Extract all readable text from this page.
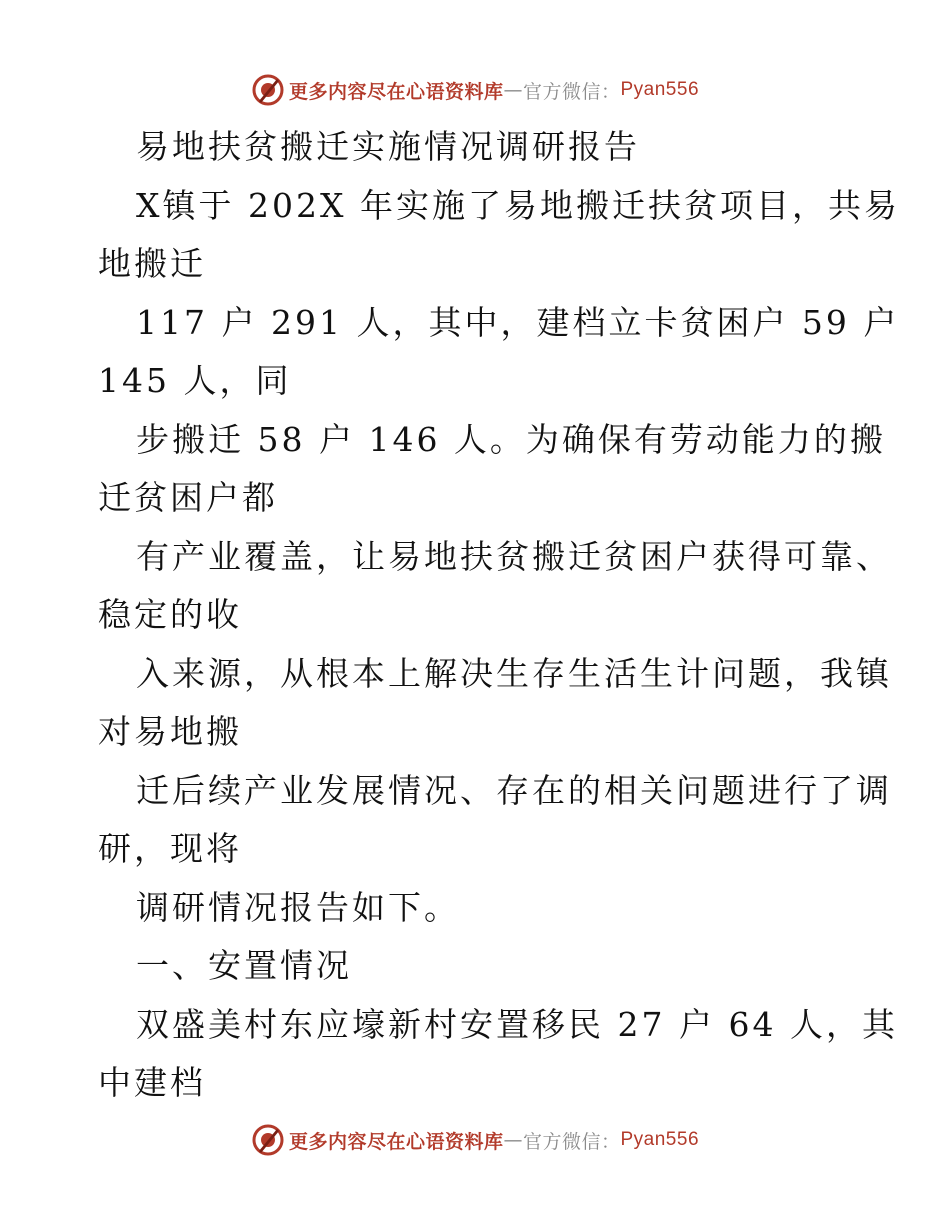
更多内容尽在心语资料库 — 官方微信： Pyan556
易地扶贫搬迁实施情况调研报告
X镇于 202X 年实施了易地搬迁扶贫项目，共易
地搬迁
117 户 291 人，其中，建档立卡贫困户 59 户
145 人，同
步搬迁 58 户 146 人。为确保有劳动能力的搬
迁贫困户都
有产业覆盖，让易地扶贫搬迁贫困户获得可靠、
稳定的收
入来源，从根本上解决生存生活生计问题，我镇
对易地搬
迁后续产业发展情况、存在的相关问题进行了调
研，现将
调研情况报告如下。
一、安置情况
双盛美村东应壕新村安置移民 27 户 64 人，其
中建档
更多内容尽在心语资料库 — 官方微信： Pyan556
